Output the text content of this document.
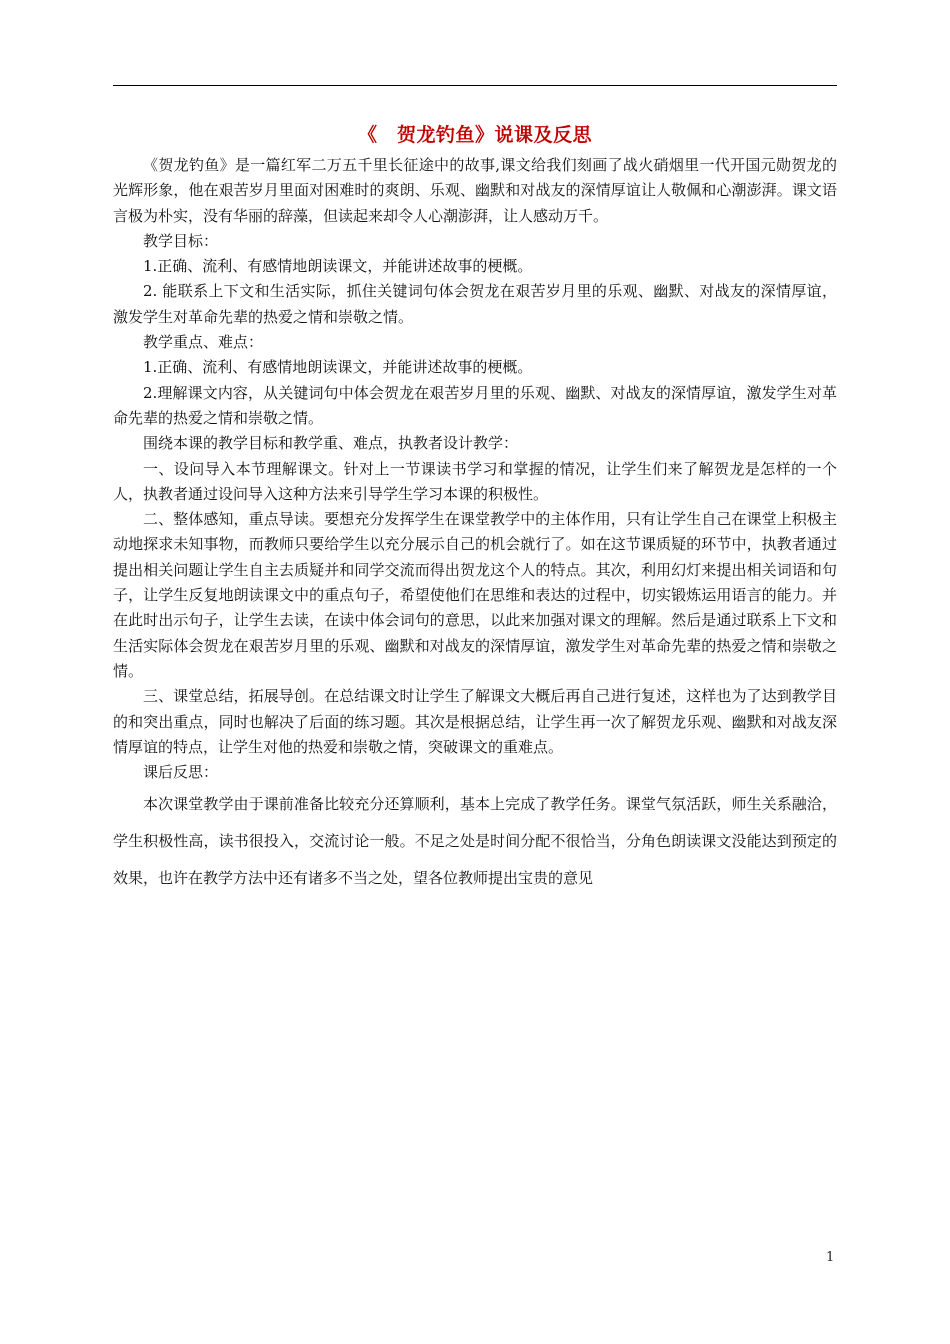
《　贺龙钓鱼》说课及反思

《贺龙钓鱼》是一篇红军二万五千里长征途中的故事,课文给我们刻画了战火硝烟里一代开国元勋贺龙的光辉形象，他在艰苦岁月里面对困难时的爽朗、乐观、幽默和对战友的深情厚谊让人敬佩和心潮澎湃。课文语言极为朴实，没有华丽的辞藻，但读起来却令人心潮澎湃，让人感动万千。

教学目标：

1.正确、流利、有感情地朗读课文，并能讲述故事的梗概。

2. 能联系上下文和生活实际，抓住关键词句体会贺龙在艰苦岁月里的乐观、幽默、对战友的深情厚谊，激发学生对革命先辈的热爱之情和崇敬之情。

教学重点、难点：

1.正确、流利、有感情地朗读课文，并能讲述故事的梗概。

2.理解课文内容，从关键词句中体会贺龙在艰苦岁月里的乐观、幽默、对战友的深情厚谊，激发学生对革命先辈的热爱之情和崇敬之情。

围绕本课的教学目标和教学重、难点，执教者设计教学：

一、设问导入本节理解课文。针对上一节课读书学习和掌握的情况，让学生们来了解贺龙是怎样的一个人，执教者通过设问导入这种方法来引导学生学习本课的积极性。

二、整体感知，重点导读。要想充分发挥学生在课堂教学中的主体作用，只有让学生自己在课堂上积极主动地探求未知事物，而教师只要给学生以充分展示自己的机会就行了。如在这节课质疑的环节中，执教者通过提出相关问题让学生自主去质疑并和同学交流而得出贺龙这个人的特点。其次，利用幻灯来提出相关词语和句子，让学生反复地朗读课文中的重点句子，希望使他们在思维和表达的过程中，切实锻炼运用语言的能力。并在此时出示句子，让学生去读，在读中体会词句的意思，以此来加强对课文的理解。然后是通过联系上下文和生活实际体会贺龙在艰苦岁月里的乐观、幽默和对战友的深情厚谊，激发学生对革命先辈的热爱之情和崇敬之情。

三、课堂总结，拓展导创。在总结课文时让学生了解课文大概后再自己进行复述，这样也为了达到教学目的和突出重点，同时也解决了后面的练习题。其次是根据总结，让学生再一次了解贺龙乐观、幽默和对战友深情厚谊的特点，让学生对他的热爱和崇敬之情，突破课文的重难点。

课后反思：

本次课堂教学由于课前准备比较充分还算顺利，基本上完成了教学任务。课堂气氛活跃，师生关系融洽，学生积极性高，读书很投入，交流讨论一般。不足之处是时间分配不很恰当，分角色朗读课文没能达到预定的效果，也许在教学方法中还有诸多不当之处，望各位教师提出宝贵的意见

1
